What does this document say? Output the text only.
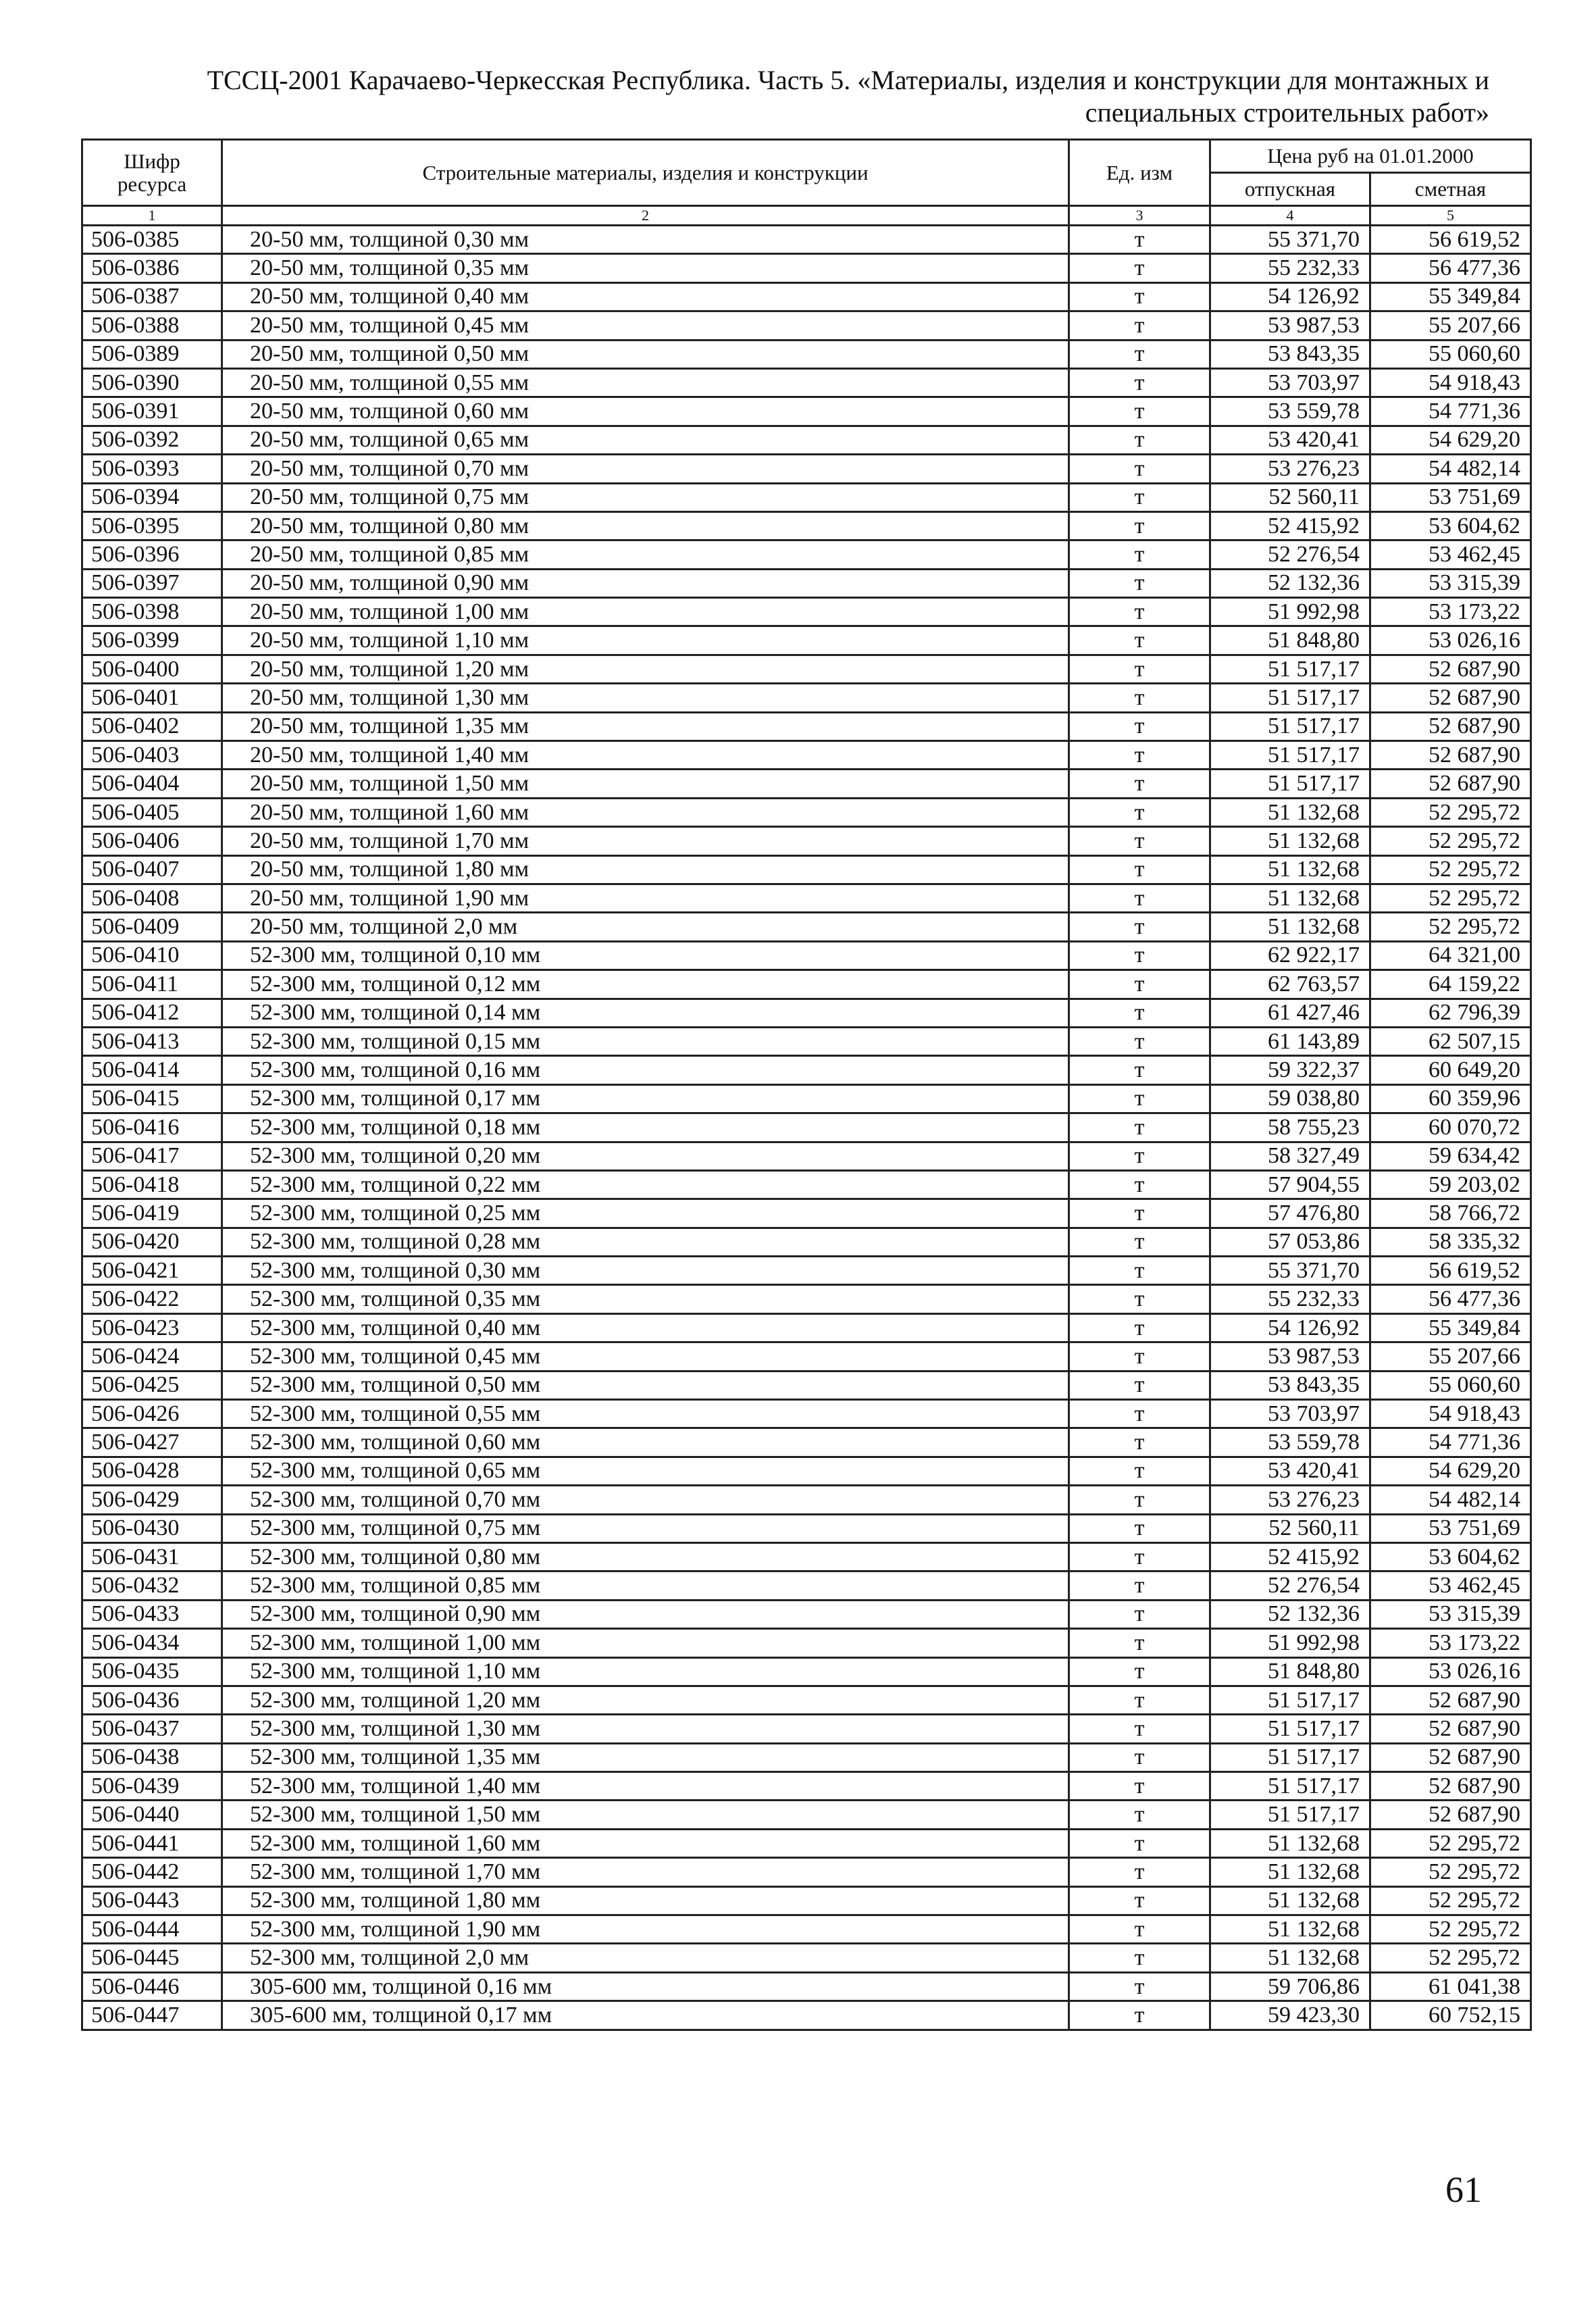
ТССЦ-2001 Карачаево-Черкесская Республика. Часть 5. «Материалы, изделия и конструкции для монтажных и
специальных строительных работ»
Шифр ресурса	Строительные материалы, изделия и конструкции	Ед. изм	Цена руб на 01.01.2000	
			отпускная	сметная
1	2	3	4	5
506-0385	20-50 мм, толщиной 0,30 мм	т	55 371,70	56 619,52
506-0386	20-50 мм, толщиной 0,35 мм	т	55 232,33	56 477,36
506-0387	20-50 мм, толщиной 0,40 мм	т	54 126,92	55 349,84
506-0388	20-50 мм, толщиной 0,45 мм	т	53 987,53	55 207,66
506-0389	20-50 мм, толщиной 0,50 мм	т	53 843,35	55 060,60
506-0390	20-50 мм, толщиной 0,55 мм	т	53 703,97	54 918,43
506-0391	20-50 мм, толщиной 0,60 мм	т	53 559,78	54 771,36
506-0392	20-50 мм, толщиной 0,65 мм	т	53 420,41	54 629,20
506-0393	20-50 мм, толщиной 0,70 мм	т	53 276,23	54 482,14
506-0394	20-50 мм, толщиной 0,75 мм	т	52 560,11	53 751,69
506-0395	20-50 мм, толщиной 0,80 мм	т	52 415,92	53 604,62
506-0396	20-50 мм, толщиной 0,85 мм	т	52 276,54	53 462,45
506-0397	20-50 мм, толщиной 0,90 мм	т	52 132,36	53 315,39
506-0398	20-50 мм, толщиной 1,00 мм	т	51 992,98	53 173,22
506-0399	20-50 мм, толщиной 1,10 мм	т	51 848,80	53 026,16
506-0400	20-50 мм, толщиной 1,20 мм	т	51 517,17	52 687,90
506-0401	20-50 мм, толщиной 1,30 мм	т	51 517,17	52 687,90
506-0402	20-50 мм, толщиной 1,35 мм	т	51 517,17	52 687,90
506-0403	20-50 мм, толщиной 1,40 мм	т	51 517,17	52 687,90
506-0404	20-50 мм, толщиной 1,50 мм	т	51 517,17	52 687,90
506-0405	20-50 мм, толщиной 1,60 мм	т	51 132,68	52 295,72
506-0406	20-50 мм, толщиной 1,70 мм	т	51 132,68	52 295,72
506-0407	20-50 мм, толщиной 1,80 мм	т	51 132,68	52 295,72
506-0408	20-50 мм, толщиной 1,90 мм	т	51 132,68	52 295,72
506-0409	20-50 мм, толщиной 2,0 мм	т	51 132,68	52 295,72
506-0410	52-300 мм, толщиной 0,10 мм	т	62 922,17	64 321,00
506-0411	52-300 мм, толщиной 0,12 мм	т	62 763,57	64 159,22
506-0412	52-300 мм, толщиной 0,14 мм	т	61 427,46	62 796,39
506-0413	52-300 мм, толщиной 0,15 мм	т	61 143,89	62 507,15
506-0414	52-300 мм, толщиной 0,16 мм	т	59 322,37	60 649,20
506-0415	52-300 мм, толщиной 0,17 мм	т	59 038,80	60 359,96
506-0416	52-300 мм, толщиной 0,18 мм	т	58 755,23	60 070,72
506-0417	52-300 мм, толщиной 0,20 мм	т	58 327,49	59 634,42
506-0418	52-300 мм, толщиной 0,22 мм	т	57 904,55	59 203,02
506-0419	52-300 мм, толщиной 0,25 мм	т	57 476,80	58 766,72
506-0420	52-300 мм, толщиной 0,28 мм	т	57 053,86	58 335,32
506-0421	52-300 мм, толщиной 0,30 мм	т	55 371,70	56 619,52
506-0422	52-300 мм, толщиной 0,35 мм	т	55 232,33	56 477,36
506-0423	52-300 мм, толщиной 0,40 мм	т	54 126,92	55 349,84
506-0424	52-300 мм, толщиной 0,45 мм	т	53 987,53	55 207,66
506-0425	52-300 мм, толщиной 0,50 мм	т	53 843,35	55 060,60
506-0426	52-300 мм, толщиной 0,55 мм	т	53 703,97	54 918,43
506-0427	52-300 мм, толщиной 0,60 мм	т	53 559,78	54 771,36
506-0428	52-300 мм, толщиной 0,65 мм	т	53 420,41	54 629,20
506-0429	52-300 мм, толщиной 0,70 мм	т	53 276,23	54 482,14
506-0430	52-300 мм, толщиной 0,75 мм	т	52 560,11	53 751,69
506-0431	52-300 мм, толщиной 0,80 мм	т	52 415,92	53 604,62
506-0432	52-300 мм, толщиной 0,85 мм	т	52 276,54	53 462,45
506-0433	52-300 мм, толщиной 0,90 мм	т	52 132,36	53 315,39
506-0434	52-300 мм, толщиной 1,00 мм	т	51 992,98	53 173,22
506-0435	52-300 мм, толщиной 1,10 мм	т	51 848,80	53 026,16
506-0436	52-300 мм, толщиной 1,20 мм	т	51 517,17	52 687,90
506-0437	52-300 мм, толщиной 1,30 мм	т	51 517,17	52 687,90
506-0438	52-300 мм, толщиной 1,35 мм	т	51 517,17	52 687,90
506-0439	52-300 мм, толщиной 1,40 мм	т	51 517,17	52 687,90
506-0440	52-300 мм, толщиной 1,50 мм	т	51 517,17	52 687,90
506-0441	52-300 мм, толщиной 1,60 мм	т	51 132,68	52 295,72
506-0442	52-300 мм, толщиной 1,70 мм	т	51 132,68	52 295,72
506-0443	52-300 мм, толщиной 1,80 мм	т	51 132,68	52 295,72
506-0444	52-300 мм, толщиной 1,90 мм	т	51 132,68	52 295,72
506-0445	52-300 мм, толщиной 2,0 мм	т	51 132,68	52 295,72
506-0446	305-600 мм, толщиной 0,16 мм	т	59 706,86	61 041,38
506-0447	305-600 мм, толщиной 0,17 мм	т	59 423,30	60 752,15
61
